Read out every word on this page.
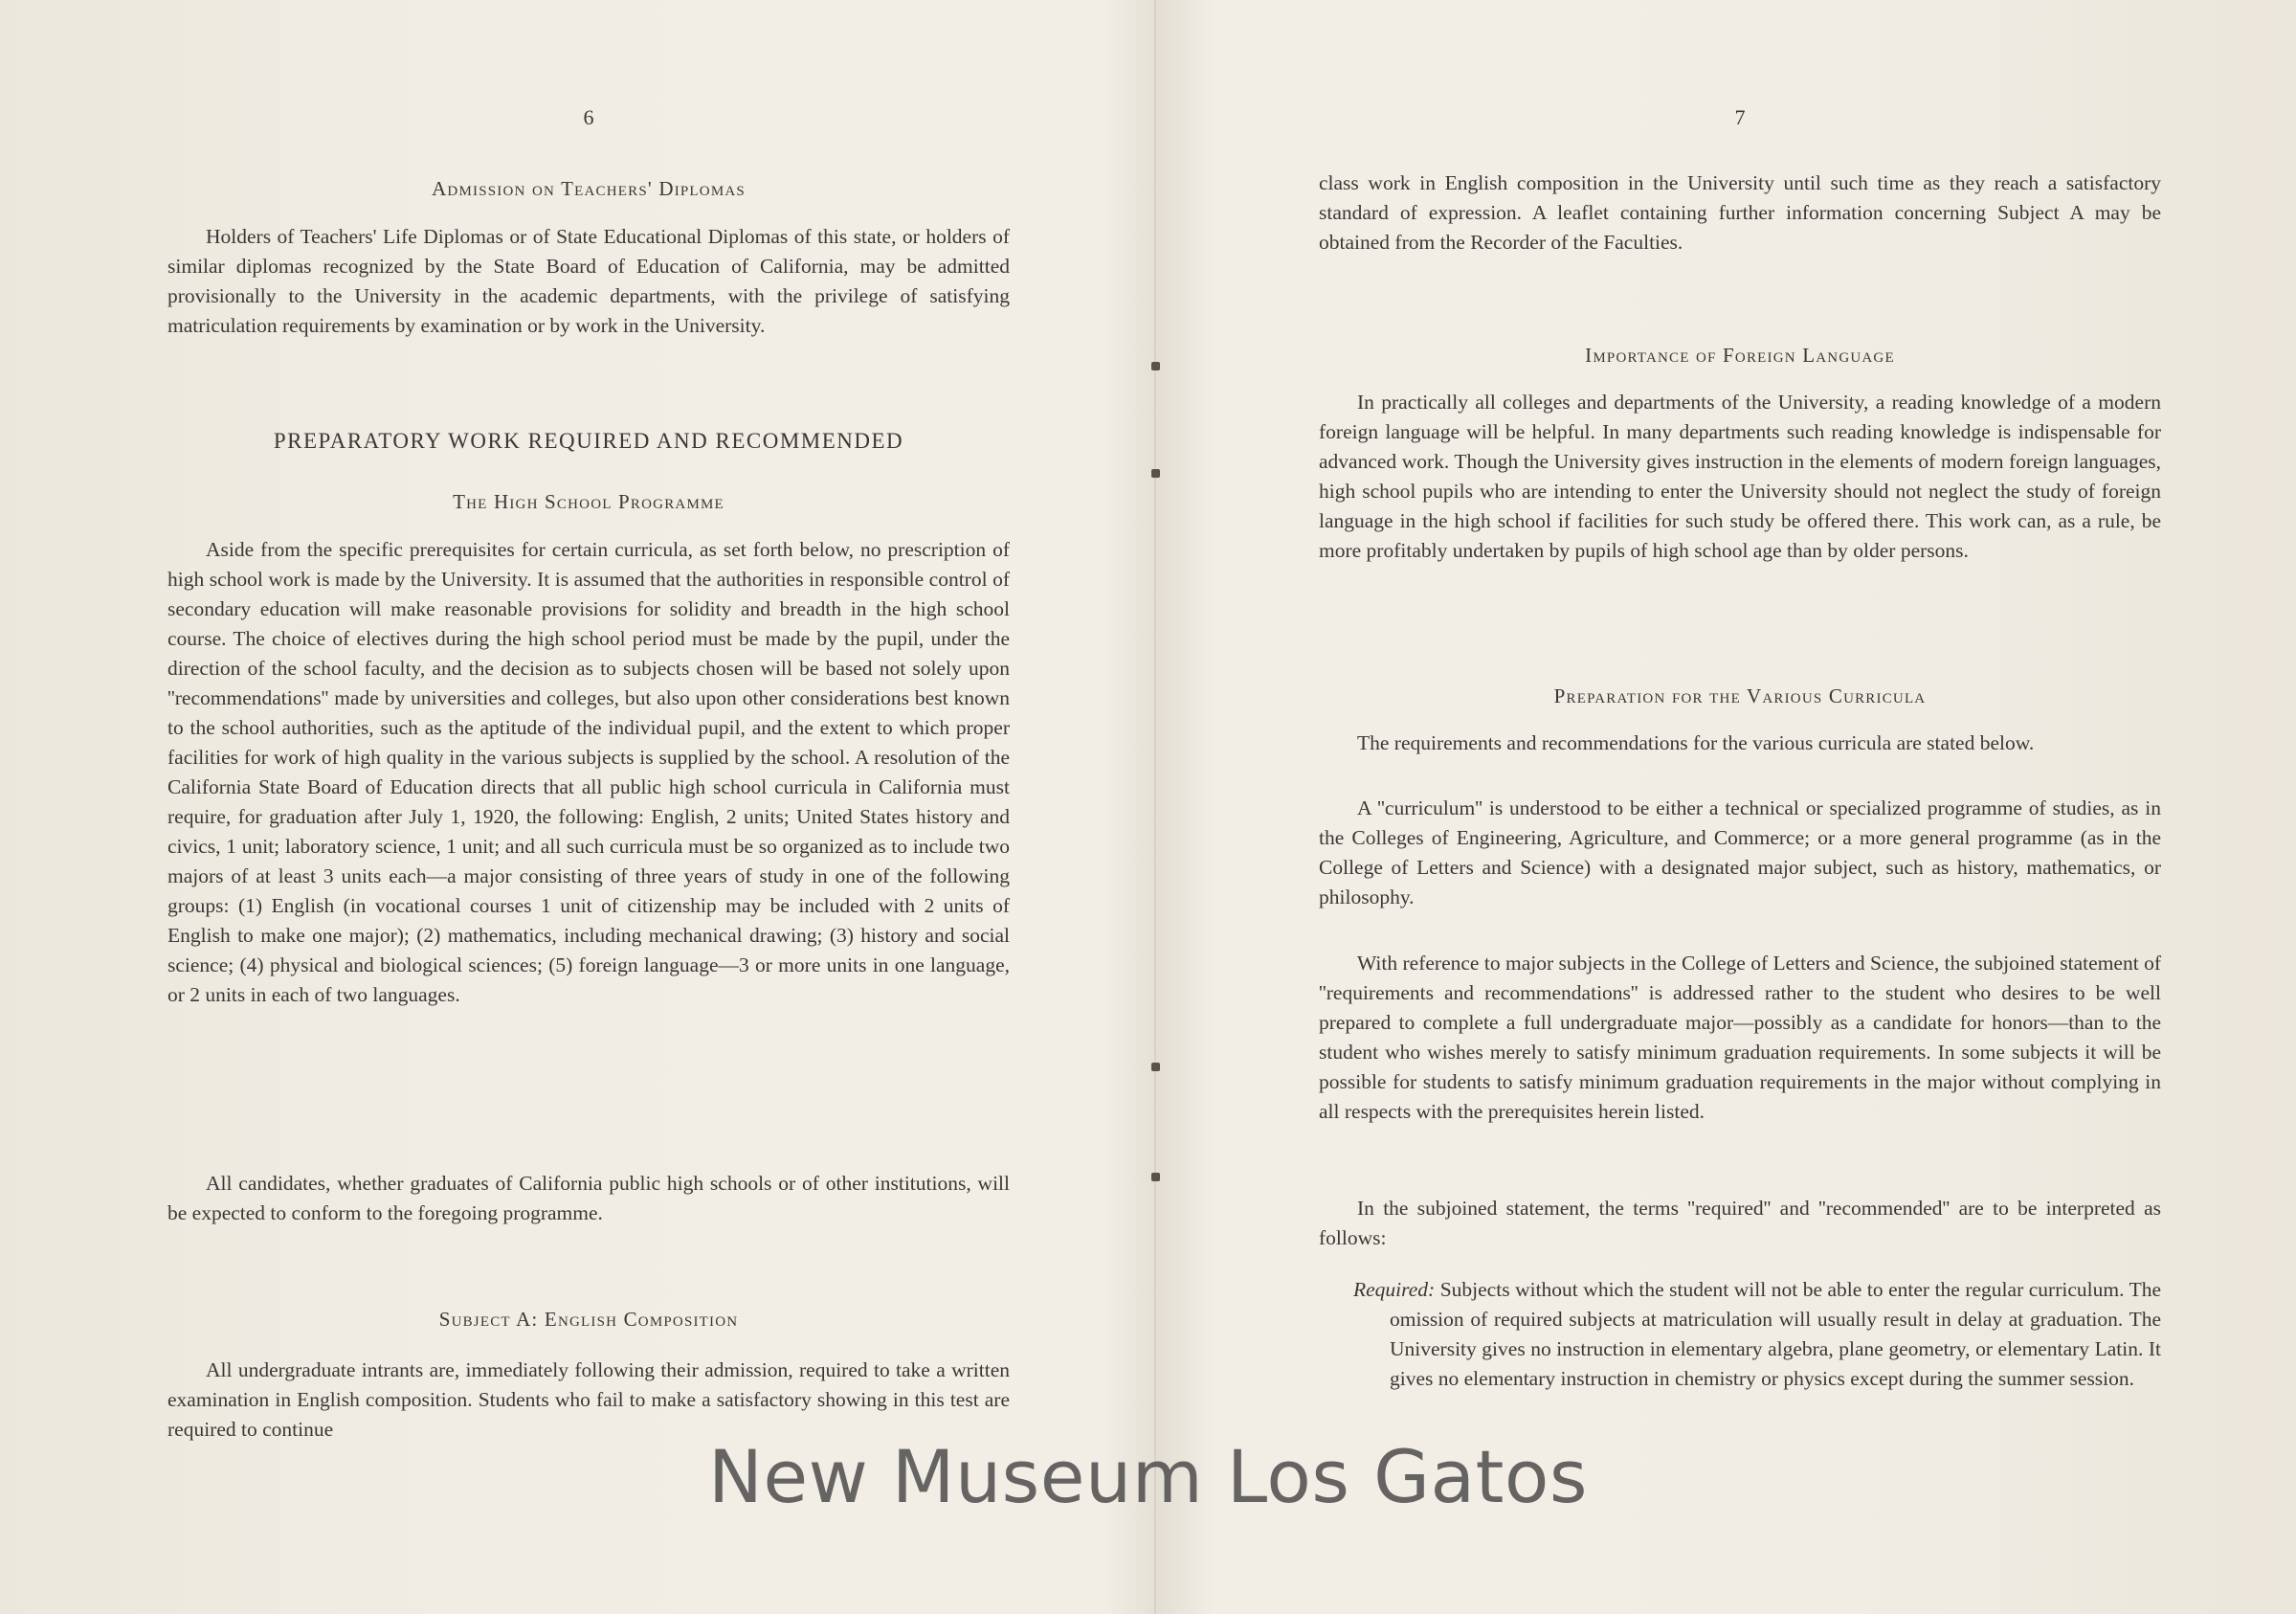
6
Admission on Teachers' Diplomas
Holders of Teachers' Life Diplomas or of State Educational Diplomas of this state, or holders of similar diplomas recognized by the State Board of Education of California, may be admitted provisionally to the University in the academic departments, with the privilege of satisfying matriculation requirements by examination or by work in the University.
PREPARATORY WORK REQUIRED AND RECOMMENDED
The High School Programme
Aside from the specific prerequisites for certain curricula, as set forth below, no prescription of high school work is made by the University. It is assumed that the authorities in responsible control of secondary education will make reasonable provisions for solidity and breadth in the high school course. The choice of electives during the high school period must be made by the pupil, under the direction of the school faculty, and the decision as to subjects chosen will be based not solely upon ''recommendations'' made by universities and colleges, but also upon other considerations best known to the school authorities, such as the aptitude of the individual pupil, and the extent to which proper facilities for work of high quality in the various subjects is supplied by the school. A resolution of the California State Board of Education directs that all public high school curricula in California must require, for graduation after July 1, 1920, the following: English, 2 units; United States history and civics, 1 unit; laboratory science, 1 unit; and all such curricula must be so organized as to include two majors of at least 3 units each—a major consisting of three years of study in one of the following groups: (1) English (in vocational courses 1 unit of citizenship may be included with 2 units of English to make one major); (2) mathematics, including mechanical drawing; (3) history and social science; (4) physical and biological sciences; (5) foreign language—3 or more units in one language, or 2 units in each of two languages.
All candidates, whether graduates of California public high schools or of other institutions, will be expected to conform to the foregoing programme.
Subject A: English Composition
All undergraduate intrants are, immediately following their admission, required to take a written examination in English composition. Students who fail to make a satisfactory showing in this test are required to continue
7
class work in English composition in the University until such time as they reach a satisfactory standard of expression. A leaflet containing further information concerning Subject A may be obtained from the Recorder of the Faculties.
Importance of Foreign Language
In practically all colleges and departments of the University, a reading knowledge of a modern foreign language will be helpful. In many departments such reading knowledge is indispensable for advanced work. Though the University gives instruction in the elements of modern foreign languages, high school pupils who are intending to enter the University should not neglect the study of foreign language in the high school if facilities for such study be offered there. This work can, as a rule, be more profitably undertaken by pupils of high school age than by older persons.
Preparation for the Various Curricula
The requirements and recommendations for the various curricula are stated below.
A ''curriculum'' is understood to be either a technical or specialized programme of studies, as in the Colleges of Engineering, Agriculture, and Commerce; or a more general programme (as in the College of Letters and Science) with a designated major subject, such as history, mathematics, or philosophy.
With reference to major subjects in the College of Letters and Science, the subjoined statement of ''requirements and recommendations'' is addressed rather to the student who desires to be well prepared to complete a full undergraduate major—possibly as a candidate for honors—than to the student who wishes merely to satisfy minimum graduation requirements. In some subjects it will be possible for students to satisfy minimum graduation requirements in the major without complying in all respects with the prerequisites herein listed.
In the subjoined statement, the terms ''required'' and ''recommended'' are to be interpreted as follows:
Required: Subjects without which the student will not be able to enter the regular curriculum. The omission of required subjects at matriculation will usually result in delay at graduation. The University gives no instruction in elementary algebra, plane geometry, or elementary Latin. It gives no elementary instruction in chemistry or physics except during the summer session.
New Museum Los Gatos
